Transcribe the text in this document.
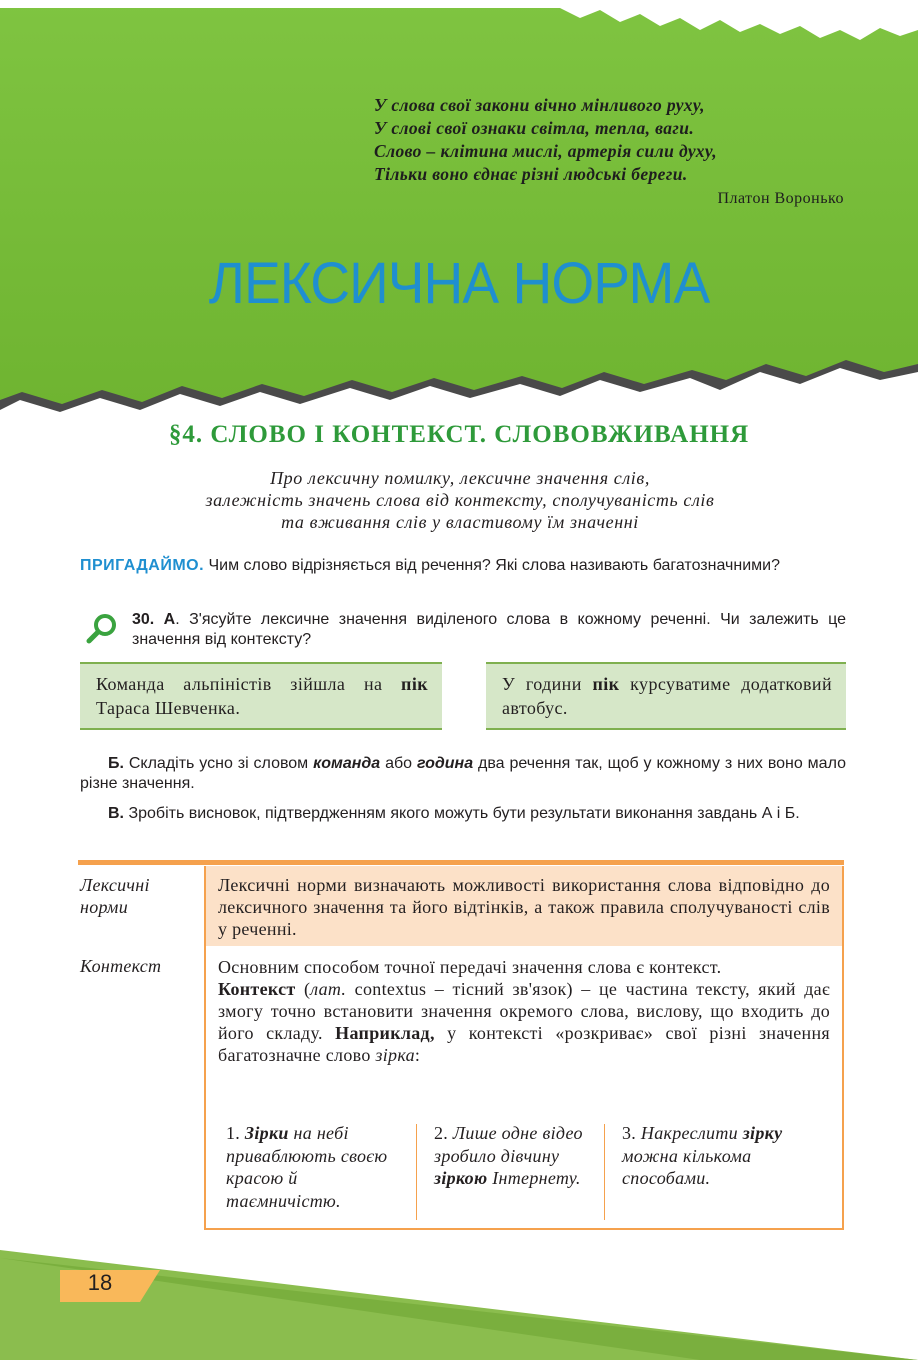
У слова свої закони вічно мінливого руху,
У слові свої ознаки світла, тепла, ваги.
Слово – клітина мислі, артерія сили духу,
Тільки воно єднає різні людські береги.
Платон Воронько
ЛЕКСИЧНА НОРМА
§4. СЛОВО І КОНТЕКСТ. СЛОВОВЖИВАННЯ
Про лексичну помилку, лексичне значення слів,
залежність значень слова від контексту, сполучуваність слів
та вживання слів у властивому їм значенні
ПРИГАДАЙМО. Чим слово відрізняється від речення? Які слова називають багатозначними?
30. А. З'ясуйте лексичне значення виділеного слова в кожному реченні. Чи залежить це значення від контексту?
Команда альпіністів зійшла на пік Тараса Шевченка.
У години пік курсуватиме додатковий автобус.
Б. Складіть усно зі словом команда або година два речення так, щоб у кожному з них воно мало різне значення.
В. Зробіть висновок, підтвердженням якого можуть бути результати виконання завдань А і Б.
Лексичні норми
Лексичні норми визначають можливості використання слова відповідно до лексичного значення та його відтінків, а також правила сполучуваності слів у реченні.
Контекст	Основним способом точної передачі значення слова є контекст.

Контекст (лат. contextus – тісний зв'язок) – це частина тексту, який дає змогу точно встановити значення окремого слова, вислову, що входить до його складу. Наприклад, у контексті «розкриває» свої різні значення багатозначне слово зірка:

1. Зірки на небі приваблюють своєю красою й таємничістю.
2. Лише одне відео зробило дівчину зіркою Інтернету.
3. Накреслити зірку можна кількома способами.
18
